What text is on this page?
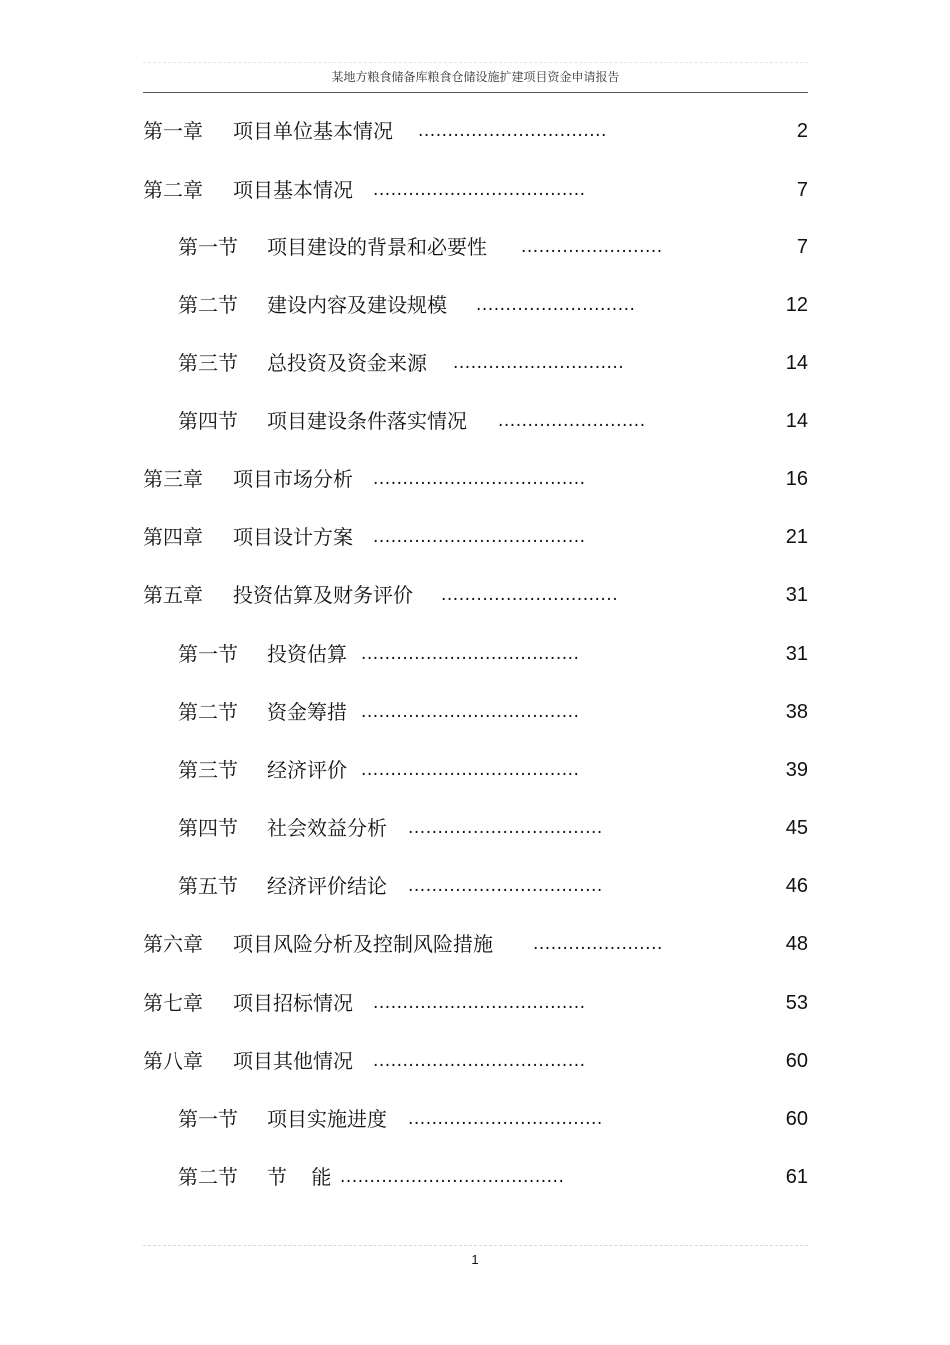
某地方粮食储备库粮食仓储设施扩建项目资金申请报告
第一章 项目单位基本情况 ................................	2
第二章 项目基本情况 ....................................	7
第一节 项目建设的背景和必要性 ........................	7
第二节 建设内容及建设规模 ...........................	12
第三节 总投资及资金来源 .............................	14
第四节 项目建设条件落实情况 .........................	14
第三章 项目市场分析 ....................................	16
第四章 项目设计方案 ....................................	21
第五章 投资估算及财务评价 ..............................	31
第一节 投资估算 .....................................	31
第二节 资金筹措 .....................................	38
第三节 经济评价 .....................................	39
第四节 社会效益分析 .................................	45
第五节 经济评价结论 .................................	46
第六章 项目风险分析及控制风险措施 ......................	48
第七章 项目招标情况 ....................................	53
第八章 项目其他情况 ....................................	60
第一节 项目实施进度 .................................	60
第二节 节 能 ......................................	61
1
